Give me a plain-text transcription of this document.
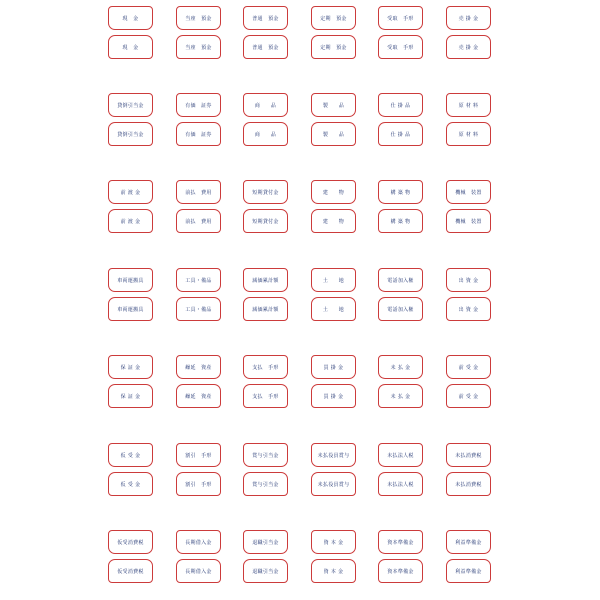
現　金
現　金
当座　預金
当座　預金
普通　預金
普通　預金
定期　預金
定期　預金
受取　手形
受取　手形
売 掛 金
売 掛 金
貸倒引当金
貸倒引当金
有価　証券
有価　証券
商　　品
商　　品
製　　品
製　　品
仕 掛 品
仕 掛 品
原 材 料
原 材 料
前 渡 金
前 渡 金
前払　費用
前払　費用
短期貸付金
短期貸付金
建　　物
建　　物
構 築 物
構 築 物
機械　装置
機械　装置
車両運搬具
車両運搬具
工具・備品
工具・備品
減価累計額
減価累計額
土　　地
土　　地
電話加入権
電話加入権
出 資 金
出 資 金
保 証 金
保 証 金
繰延　資産
繰延　資産
支払　手形
支払　手形
買 掛 金
買 掛 金
未 払 金
未 払 金
前 受 金
前 受 金
仮 受 金
仮 受 金
割引　手形
割引　手形
賞与引当金
賞与引当金
未払役員賞与
未払役員賞与
未払法人税
未払法人税
未払消費税
未払消費税
仮受消費税
仮受消費税
長期借入金
長期借入金
退職引当金
退職引当金
資 本 金
資 本 金
資本準備金
資本準備金
利益準備金
利益準備金
